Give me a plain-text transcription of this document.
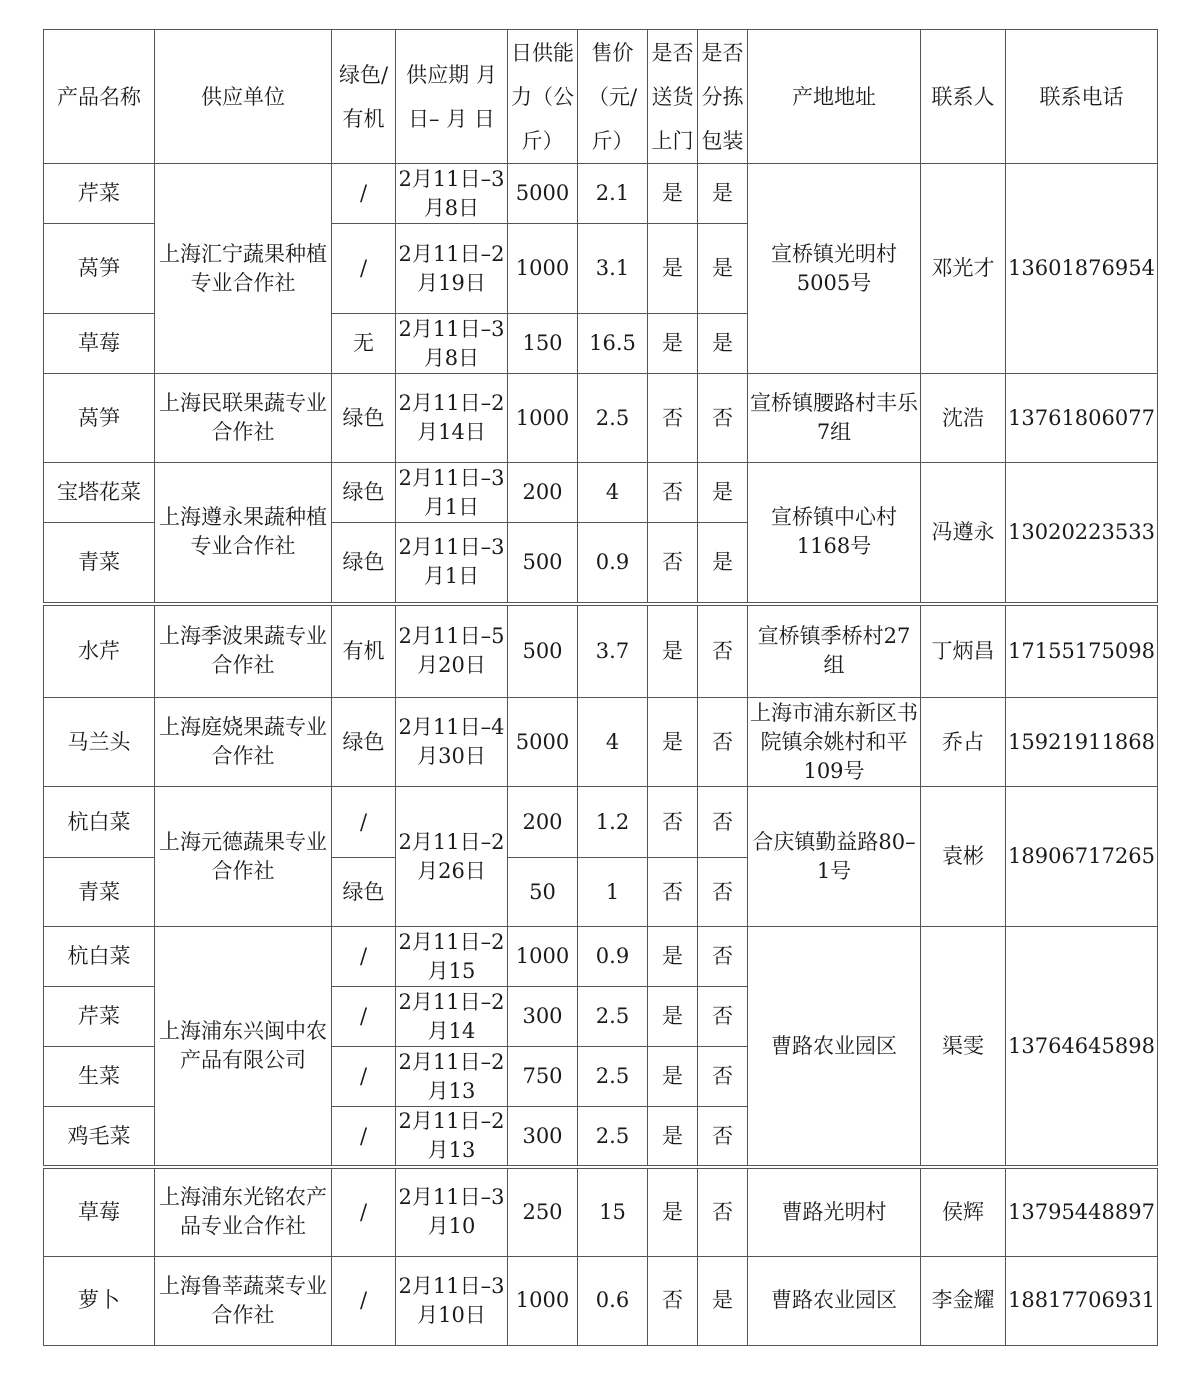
产品名称	供应单位	绿色/有机	供应期 月 日– 月 日	日供能力（公斤）	售价（元/斤）	是否送货上门	是否分拣包装	产地地址	联系人	联系电话
芹菜	上海汇宁蔬果种植专业合作社	/	2月11日–3月8日	5000	2.1	是	是	宣桥镇光明村5005号	邓光才	13601876954
莴笋		/	2月11日–2月19日	1000	3.1	是	是			
草莓		无	2月11日–3月8日	150	16.5	是	是			
莴笋	上海民联果蔬专业合作社	绿色	2月11日–2月14日	1000	2.5	否	否	宣桥镇腰路村丰乐7组	沈浩	13761806077
宝塔花菜	上海遵永果蔬种植专业合作社	绿色	2月11日–3月1日	200	4	否	是	宣桥镇中心村1168号	冯遵永	13020223533
青菜		绿色	2月11日–3月1日	500	0.9	否	是			
水芹	上海季波果蔬专业合作社	有机	2月11日–5月20日	500	3.7	是	否	宣桥镇季桥村27组	丁炳昌	17155175098
马兰头	上海庭娆果蔬专业合作社	绿色	2月11日–4月30日	5000	4	是	否	上海市浦东新区书院镇余姚村和平109号	乔占	15921911868
杭白菜	上海元德蔬果专业合作社	/	2月11日–2月26日	200	1.2	否	否	合庆镇勤益路80–1号	袁彬	18906717265
青菜		绿色		50	1	否	否			
杭白菜	上海浦东兴闽中农产品有限公司	/	2月11日–2月15	1000	0.9	是	否	曹路农业园区	渠雯	13764645898
芹菜		/	2月11日–2月14	300	2.5	是	否			
生菜		/	2月11日–2月13	750	2.5	是	否			
鸡毛菜		/	2月11日–2月13	300	2.5	是	否			
草莓	上海浦东光铭农产品专业合作社	/	2月11日–3月10	250	15	是	否	曹路光明村	侯辉	13795448897
萝卜	上海鲁莘蔬菜专业合作社	/	2月11日–3月10日	1000	0.6	否	是	曹路农业园区	李金耀	18817706931
